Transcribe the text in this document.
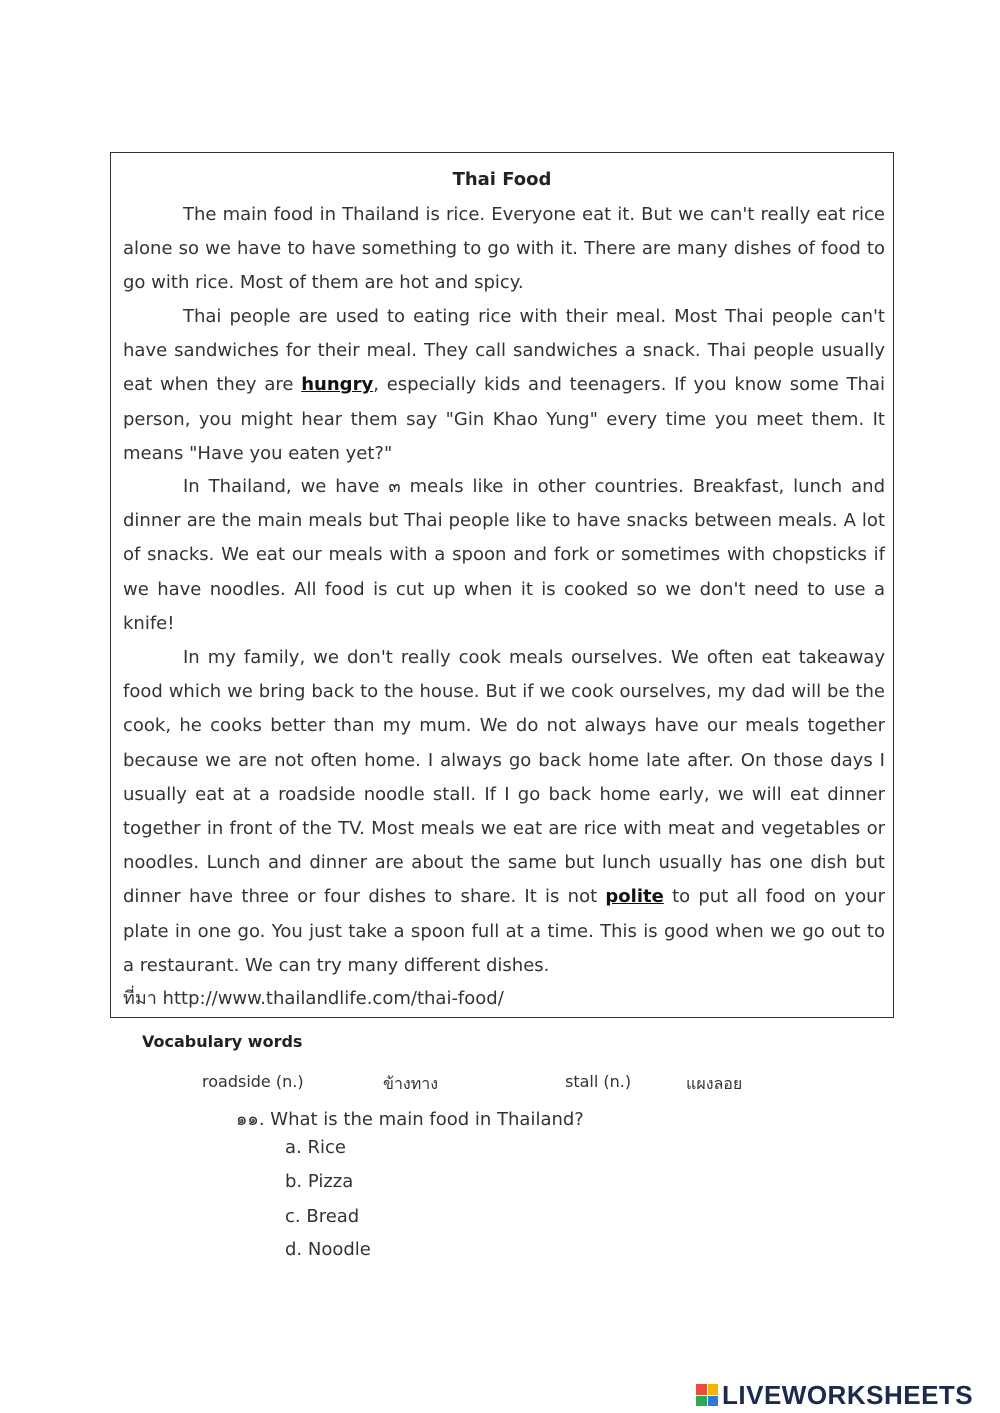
Thai Food

The main food in Thailand is rice. Everyone eat it. But we can't really eat rice alone so we have to have something to go with it. There are many dishes of food to go with rice. Most of them are hot and spicy.

Thai people are used to eating rice with their meal. Most Thai people can't have sandwiches for their meal. They call sandwiches a snack. Thai people usually eat when they are hungry, especially kids and teenagers. If you know some Thai person, you might hear them say "Gin Khao Yung" every time you meet them. It means "Have you eaten yet?"

In Thailand, we have ๓ meals like in other countries. Breakfast, lunch and dinner are the main meals but Thai people like to have snacks between meals. A lot of snacks. We eat our meals with a spoon and fork or sometimes with chopsticks if we have noodles. All food is cut up when it is cooked so we don't need to use a knife!

In my family, we don't really cook meals ourselves. We often eat takeaway food which we bring back to the house. But if we cook ourselves, my dad will be the cook, he cooks better than my mum. We do not always have our meals together because we are not often home. I always go back home late after. On those days I usually eat at a roadside noodle stall. If I go back home early, we will eat dinner together in front of the TV. Most meals we eat are rice with meat and vegetables or noodles. Lunch and dinner are about the same but lunch usually has one dish but dinner have three or four dishes to share. It is not polite to put all food on your plate in one go. You just take a spoon full at a time. This is good when we go out to a restaurant. We can try many different dishes.

ที่มา http://www.thailandlife.com/thai-food/
Vocabulary words
roadside (n.)	ข้างทาง	stall (n.)	แผงลอย
๑๑. What is the main food in Thailand?
a. Rice
b. Pizza
c. Bread
d. Noodle
LIVEWORKSHEETS
